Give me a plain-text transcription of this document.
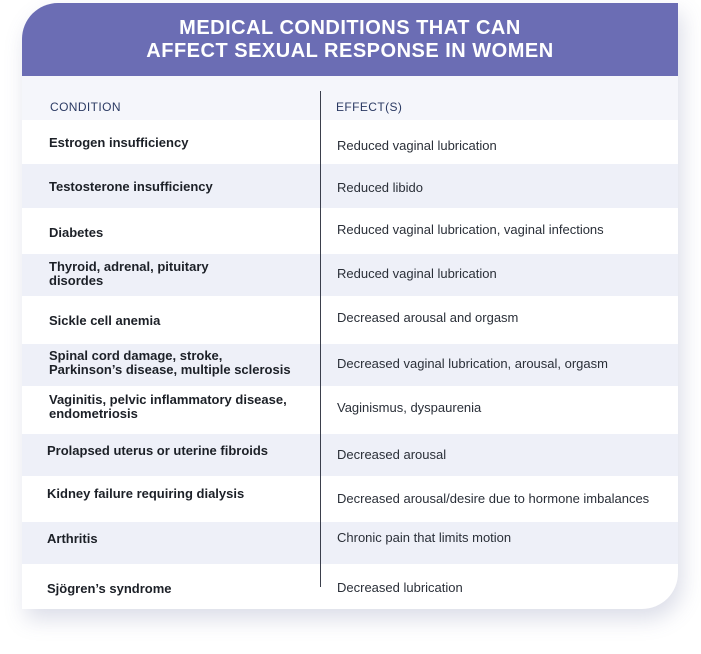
MEDICAL CONDITIONS THAT CAN
AFFECT SEXUAL RESPONSE IN WOMEN
CONDITION	EFFECT(S)
Estrogen insufficiency	Reduced vaginal lubrication
Testosterone insufficiency	Reduced libido
Diabetes	Reduced vaginal lubrication, vaginal infections
Thyroid, adrenal, pituitary disordes	Reduced vaginal lubrication
Sickle cell anemia	Decreased arousal and orgasm
Spinal cord damage, stroke, Parkinson’s disease, multiple sclerosis	Decreased vaginal lubrication, arousal, orgasm
Vaginitis, pelvic inflammatory disease, endometriosis	Vaginismus, dyspaurenia
Prolapsed uterus or uterine fibroids	Decreased arousal
Kidney failure requiring dialysis	Decreased arousal/desire due to hormone imbalances
Arthritis	Chronic pain that limits motion
Sjögren’s syndrome	Decreased lubrication
